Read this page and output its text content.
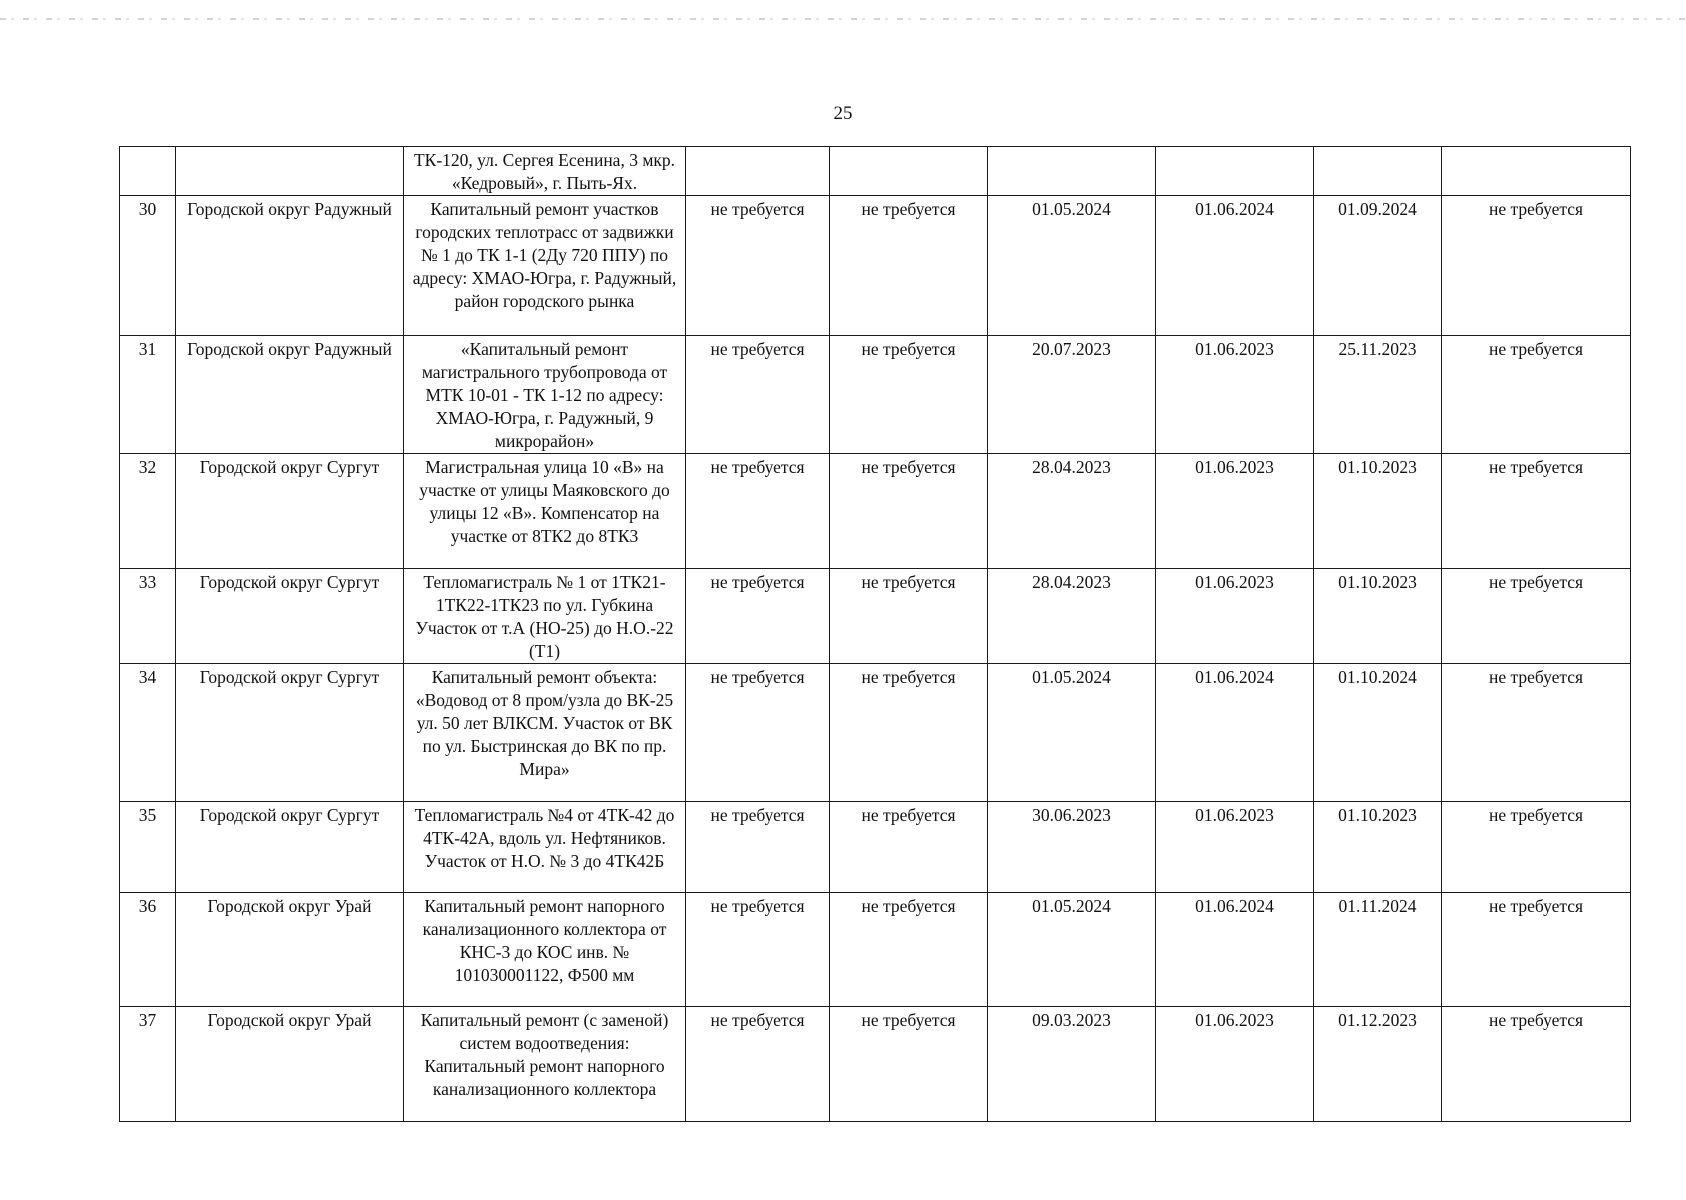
25
		ТК-120, ул. Сергея Есенина, 3 мкр. «Кедровый», г. Пыть-Ях.						
30	Городской округ Радужный	Капитальный ремонт участков городских теплотрасс от задвижки № 1 до ТК 1-1 (2Ду 720 ППУ) по адресу: ХМАО-Югра, г. Радужный, район городского рынка	не требуется	не требуется	01.05.2024	01.06.2024	01.09.2024	не требуется
31	Городской округ Радужный	«Капитальный ремонт магистрального трубопровода от МТК 10-01 - ТК 1-12 по адресу: ХМАО-Югра, г. Радужный, 9 микрорайон»	не требуется	не требуется	20.07.2023	01.06.2023	25.11.2023	не требуется
32	Городской округ Сургут	Магистральная улица 10 «В» на участке от улицы Маяковского до улицы 12 «В». Компенсатор на участке от 8ТК2 до 8ТК3	не требуется	не требуется	28.04.2023	01.06.2023	01.10.2023	не требуется
33	Городской округ Сургут	Тепломагистраль № 1 от 1ТК21-1ТК22-1ТК23 по ул. Губкина Участок от т.А (НО-25) до Н.О.-22 (Т1)	не требуется	не требуется	28.04.2023	01.06.2023	01.10.2023	не требуется
34	Городской округ Сургут	Капитальный ремонт объекта: «Водовод от 8 пром/узла до ВК-25 ул. 50 лет ВЛКСМ. Участок от ВК по ул. Быстринская до ВК по пр. Мира»	не требуется	не требуется	01.05.2024	01.06.2024	01.10.2024	не требуется
35	Городской округ Сургут	Тепломагистраль №4 от 4ТК-42 до 4ТК-42А, вдоль ул. Нефтяников. Участок от Н.О. № 3 до 4ТК42Б	не требуется	не требуется	30.06.2023	01.06.2023	01.10.2023	не требуется
36	Городской округ Урай	Капитальный ремонт напорного канализационного коллектора от КНС-3 до КОС инв. № 101030001122, Ф500 мм	не требуется	не требуется	01.05.2024	01.06.2024	01.11.2024	не требуется
37	Городской округ Урай	Капитальный ремонт (с заменой) систем водоотведения: Капитальный ремонт напорного канализационного коллектора	не требуется	не требуется	09.03.2023	01.06.2023	01.12.2023	не требуется
